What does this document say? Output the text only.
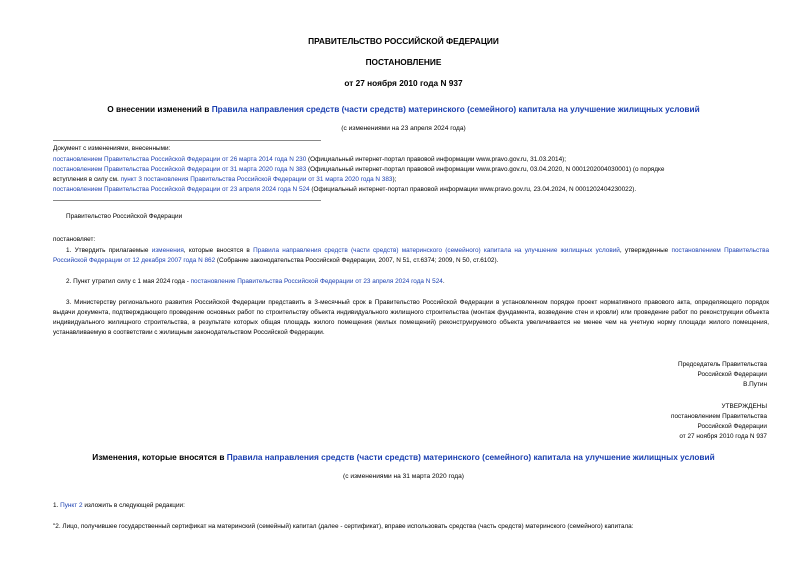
ПРАВИТЕЛЬСТВО РОССИЙСКОЙ ФЕДЕРАЦИИ
ПОСТАНОВЛЕНИЕ
от 27 ноября 2010 года N 937
О внесении изменений в Правила направления средств (части средств) материнского (семейного) капитала на улучшение жилищных условий
(с изменениями на 23 апреля 2024 года)
Документ с изменениями, внесенными:
постановлением Правительства Российской Федерации от 26 марта 2014 года N 230 (Официальный интернет-портал правовой информации www.pravo.gov.ru, 31.03.2014);
постановлением Правительства Российской Федерации от 31 марта 2020 года N 383 (Официальный интернет-портал правовой информации www.pravo.gov.ru, 03.04.2020, N 0001202004030001) (о порядке
вступления в силу см. пункт 3 постановления Правительства Российской Федерации от 31 марта 2020 года N 383);
постановлением Правительства Российской Федерации от 23 апреля 2024 года N 524 (Официальный интернет-портал правовой информации www.pravo.gov.ru, 23.04.2024, N 0001202404230022).
Правительство Российской Федерации
постановляет:
1. Утвердить прилагаемые изменения, которые вносятся в Правила направления средств (части средств) материнского (семейного) капитала на улучшение жилищных условий, утвержденные постановлением Правительства Российской Федерации от 12 декабря 2007 года N 862 (Собрание законодательства Российской Федерации, 2007, N 51, ст.6374; 2009, N 50, ст.6102).
2. Пункт утратил силу с 1 мая 2024 года - постановление Правительства Российской Федерации от 23 апреля 2024 года N 524.
3. Министерству регионального развития Российской Федерации представить в 3-месячный срок в Правительство Российской Федерации в установленном порядке проект нормативного правового акта, определяющего порядок выдачи документа, подтверждающего проведение основных работ по строительству объекта индивидуального жилищного строительства (монтаж фундамента, возведение стен и кровли) или проведение работ по реконструкции объекта индивидуального жилищного строительства, в результате которых общая площадь жилого помещения (жилых помещений) реконструируемого объекта увеличивается не менее чем на учетную норму площади жилого помещения, устанавливаемую в соответствии с жилищным законодательством Российской Федерации.
Председатель Правительства
Российской Федерации
В.Путин
УТВЕРЖДЕНЫ
постановлением Правительства
Российской Федерации
от 27 ноября 2010 года N 937
Изменения, которые вносятся в Правила направления средств (части средств) материнского (семейного) капитала на улучшение жилищных условий
(с изменениями на 31 марта 2020 года)
1. Пункт 2 изложить в следующей редакции:
"2. Лицо, получившее государственный сертификат на материнский (семейный) капитал (далее - сертификат), вправе использовать средства (часть средств) материнского (семейного) капитала:
